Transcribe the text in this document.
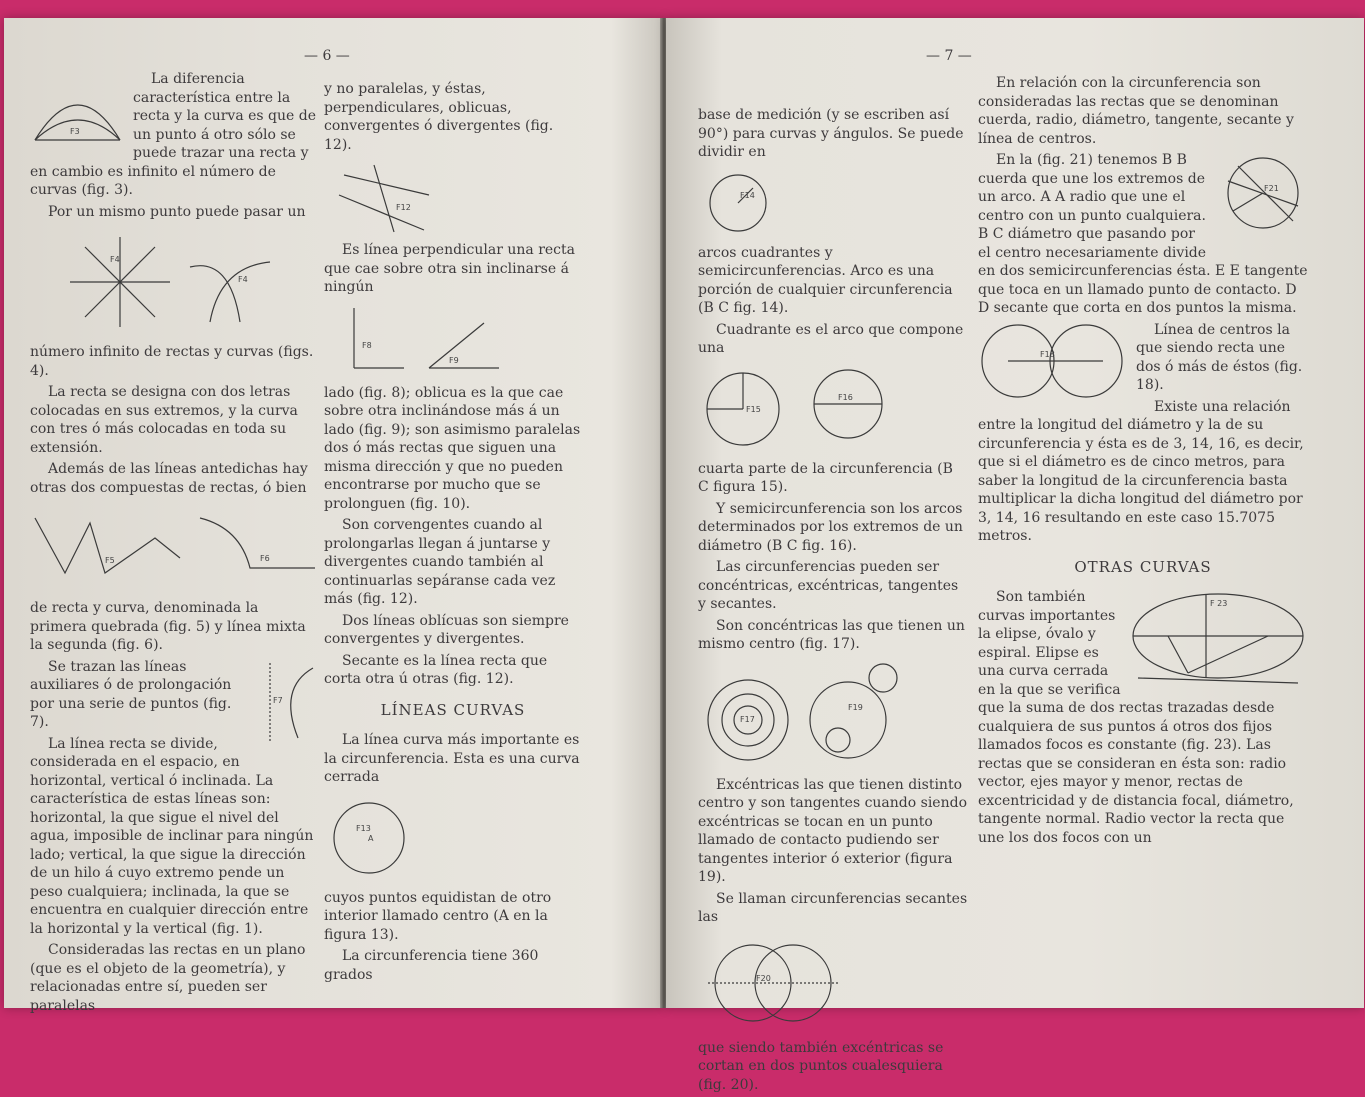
— 6 —
F3

La diferencia característica entre la recta y la curva es que de un punto á otro sólo se puede trazar una recta y en cambio es infinito el número de curvas (fig. 3).

Por un mismo punto puede pasar un

F4
F4

número infinito de rectas y curvas (figs. 4).

La recta se designa con dos letras colocadas en sus extremos, y la curva con tres ó más colocadas en toda su extensión.

Además de las líneas antedichas hay otras dos compuestas de rectas, ó bien

F5	F6

de recta y curva, denominada la primera quebrada (fig. 5) y línea mixta la segunda (fig. 6).

F7

Se trazan las líneas auxiliares ó de prolongación por una serie de puntos (fig. 7).

La línea recta se divide, considerada en el espacio, en horizontal, vertical ó inclinada. La característica de estas líneas son: horizontal, la que sigue el nivel del agua, imposible de inclinar para ningún lado; vertical, la que sigue la dirección de un hilo á cuyo extremo pende un peso cualquiera; inclinada, la que se encuentra en cualquier dirección entre la horizontal y la vertical (fig. 1).

Consideradas las rectas en un plano (que es el objeto de la geometría), y relacionadas entre sí, pueden ser paralelas

y no paralelas, y éstas, perpendiculares, oblicuas, convergentes ó divergentes (fig. 12).

F12

Es línea perpendicular una recta que cae sobre otra sin inclinarse á ningún

F8
F9

lado (fig. 8); oblicua es la que cae sobre otra inclinándose más á un lado (fig. 9); son asimismo paralelas dos ó más rectas que siguen una misma dirección y que no pueden encontrarse por mucho que se prolonguen (fig. 10).

Son corvengentes cuando al prolongarlas llegan á juntarse y divergentes cuando también al continuarlas sepáranse cada vez más (fig. 12).

Dos líneas oblícuas son siempre convergentes y divergentes.

Secante es la línea recta que corta otra ú otras (fig. 12).

LÍNEAS CURVAS

La línea curva más importante es la circunferencia. Esta es una curva cerrada

F13
A

cuyos puntos equidistan de otro interior llamado centro (A en la figura 13).

La circunferencia tiene 360 grados

— 7 —

base de medición (y se escriben así 90°) para curvas y ángulos. Se puede dividir en

F14

arcos cuadrantes y semicircunferencias. Arco es una porción de cualquier circunferencia (B C fig. 14).

Cuadrante es el arco que compone una

F15
F16

cuarta parte de la circunferencia (B C figura 15).

Y semicircunferencia son los arcos determinados por los extremos de un diámetro (B C fig. 16).

Las circunferencias pueden ser concéntricas, excéntricas, tangentes y secantes.

Son concéntricas las que tienen un mismo centro (fig. 17).

F17
F19

Excéntricas las que tienen distinto centro y son tangentes cuando siendo excéntricas se tocan en un punto llamado de contacto pudiendo ser tangentes interior ó exterior (figura 19).

Se llaman circunferencias secantes las

F20

que siendo también excéntricas se cortan en dos puntos cualesquiera (fig. 20).

En relación con la circunferencia son consideradas las rectas que se denominan cuerda, radio, diámetro, tangente, secante y línea de centros.

F21

En la (fig. 21) tenemos B B cuerda que une los extremos de un arco. A A radio que une el centro con un punto cualquiera. B C diámetro que pasando por el centro necesariamente divide en dos semicircunferencias ésta. E E tangente que toca en un llamado punto de contacto. D D secante que corta en dos puntos la misma.

F18

Línea de centros la que siendo recta une dos ó más de éstos (fig. 18).

Existe una relación entre la longitud del diámetro y la de su circunferencia y ésta es de 3, 14, 16, es decir, que si el diámetro es de cinco metros, para saber la longitud de la circunferencia basta multiplicar la dicha longitud del diámetro por 3, 14, 16 resultando en este caso 15.7075 metros.

OTRAS CURVAS
F 23

Son también curvas importantes la elipse, óvalo y espiral. Elipse es una curva cerrada en la que se verifica que la suma de dos rectas trazadas desde cualquiera de sus puntos á otros dos fijos llamados focos es constante (fig. 23). Las rectas que se consideran en ésta son: radio vector, ejes mayor y menor, rectas de excentricidad y de distancia focal, diámetro, tangente normal. Radio vector la recta que une los dos focos con un
